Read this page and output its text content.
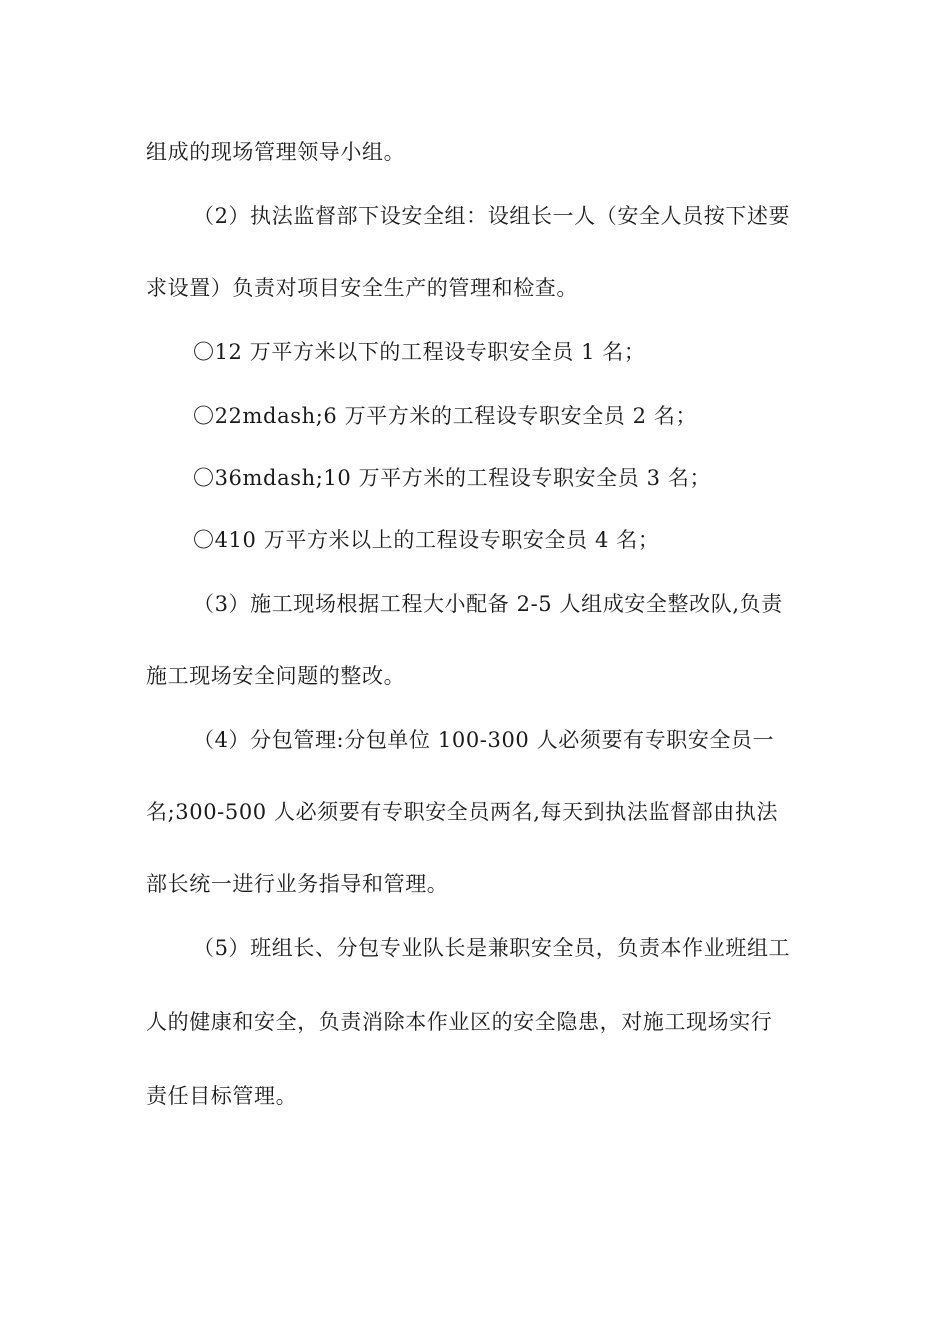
组成的现场管理领导小组。
（2）执法监督部下设安全组：设组长一人（安全人员按下述要
求设置）负责对项目安全生产的管理和检查。
〇12 万平方米以下的工程设专职安全员 1 名；
〇22mdash;6 万平方米的工程设专职安全员 2 名；
〇36mdash;10 万平方米的工程设专职安全员 3 名；
〇410 万平方米以上的工程设专职安全员 4 名；
（3）施工现场根据工程大小配备 2-5 人组成安全整改队,负责
施工现场安全问题的整改。
（4）分包管理:分包单位 100-300 人必须要有专职安全员一
名;300-500 人必须要有专职安全员两名,每天到执法监督部由执法
部长统一进行业务指导和管理。
（5）班组长、分包专业队长是兼职安全员，负责本作业班组工
人的健康和安全，负责消除本作业区的安全隐患，对施工现场实行
责任目标管理。
